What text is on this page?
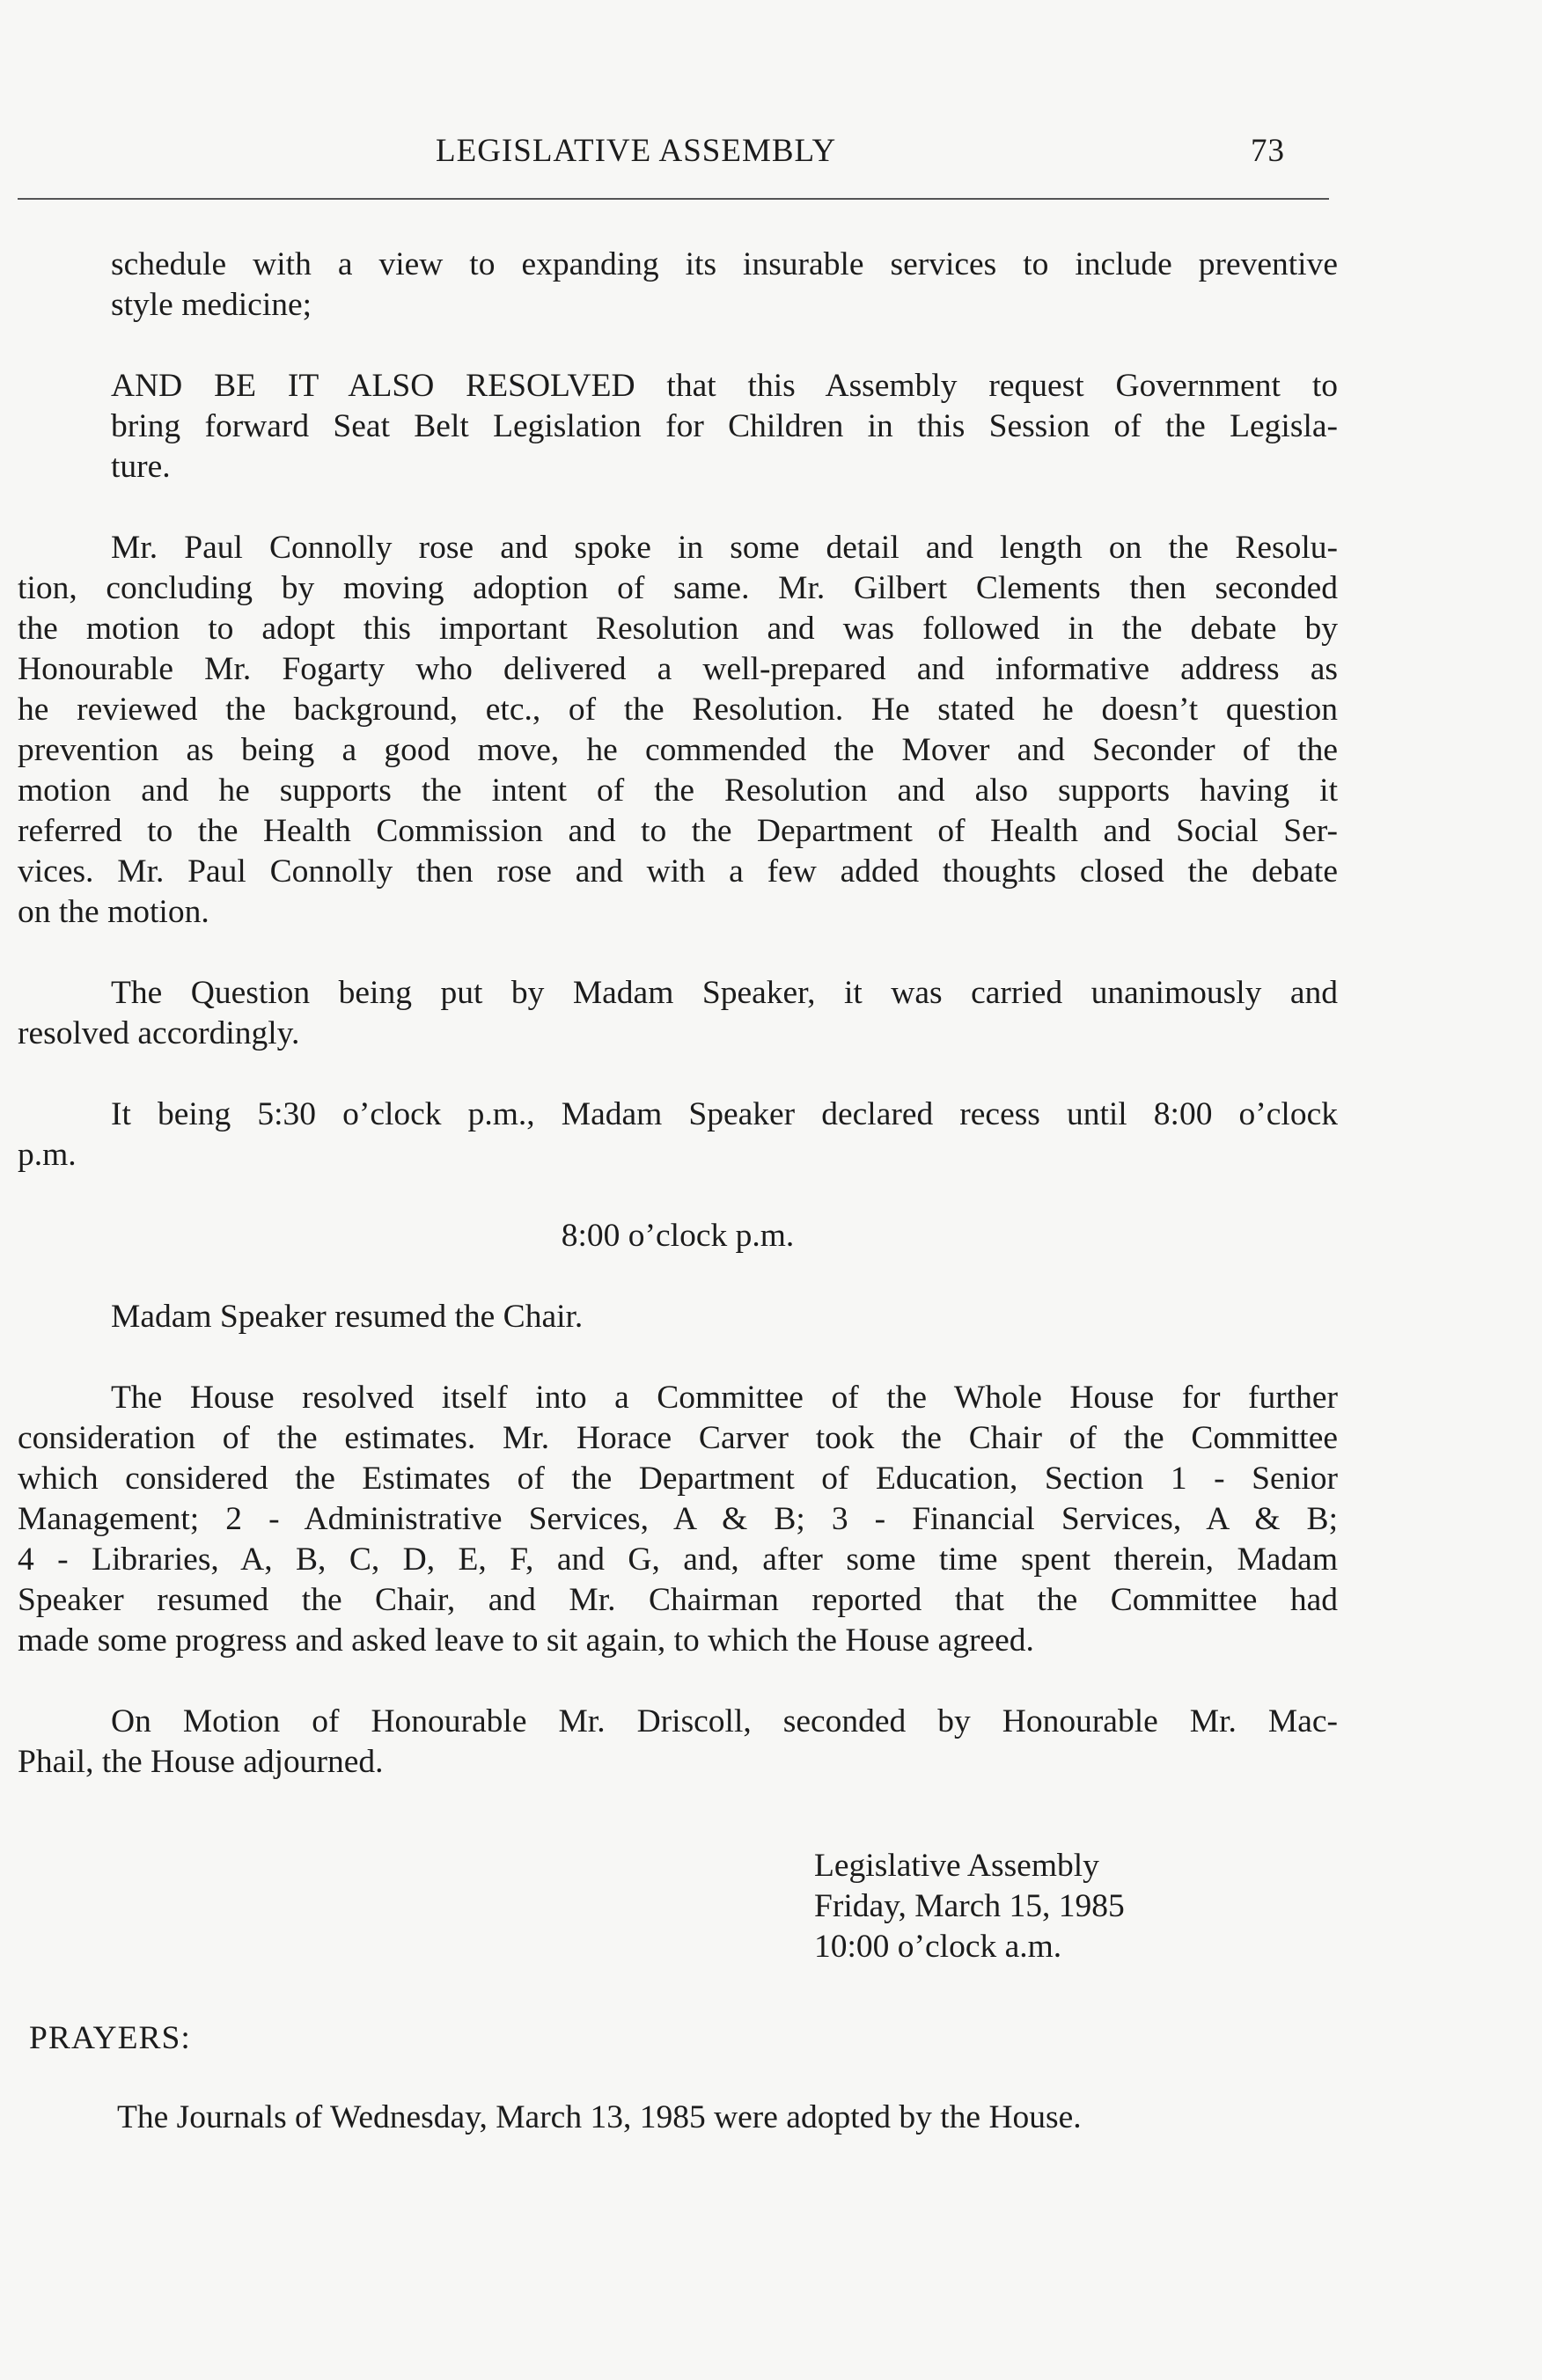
LEGISLATIVE ASSEMBLY	73
schedule with a view to expanding its insurable services to include preventive
style medicine;
AND BE IT ALSO RESOLVED that this Assembly request Government to
bring forward Seat Belt Legislation for Children in this Session of the Legisla-
ture.
Mr. Paul Connolly rose and spoke in some detail and length on the Resolu-
tion, concluding by moving adoption of same. Mr. Gilbert Clements then seconded
the motion to adopt this important Resolution and was followed in the debate by
Honourable Mr. Fogarty who delivered a well-prepared and informative address as
he reviewed the background, etc., of the Resolution. He stated he doesn’t question
prevention as being a good move, he commended the Mover and Seconder of the
motion and he supports the intent of the Resolution and also supports having it
referred to the Health Commission and to the Department of Health and Social Ser-
vices. Mr. Paul Connolly then rose and with a few added thoughts closed the debate
on the motion.
The Question being put by Madam Speaker, it was carried unanimously and
resolved accordingly.
It being 5:30 o’clock p.m., Madam Speaker declared recess until 8:00 o’clock
p.m.
8:00 o’clock p.m.
Madam Speaker resumed the Chair.
The House resolved itself into a Committee of the Whole House for further
consideration of the estimates. Mr. Horace Carver took the Chair of the Committee
which considered the Estimates of the Department of Education, Section 1 - Senior
Management; 2 - Administrative Services, A & B; 3 - Financial Services, A & B;
4 - Libraries, A, B, C, D, E, F, and G, and, after some time spent therein, Madam
Speaker resumed the Chair, and Mr. Chairman reported that the Committee had
made some progress and asked leave to sit again, to which the House agreed.
On Motion of Honourable Mr. Driscoll, seconded by Honourable Mr. Mac-
Phail, the House adjourned.
Legislative Assembly
Friday, March 15, 1985
10:00 o’clock a.m.
PRAYERS:
The Journals of Wednesday, March 13, 1985 were adopted by the House.
